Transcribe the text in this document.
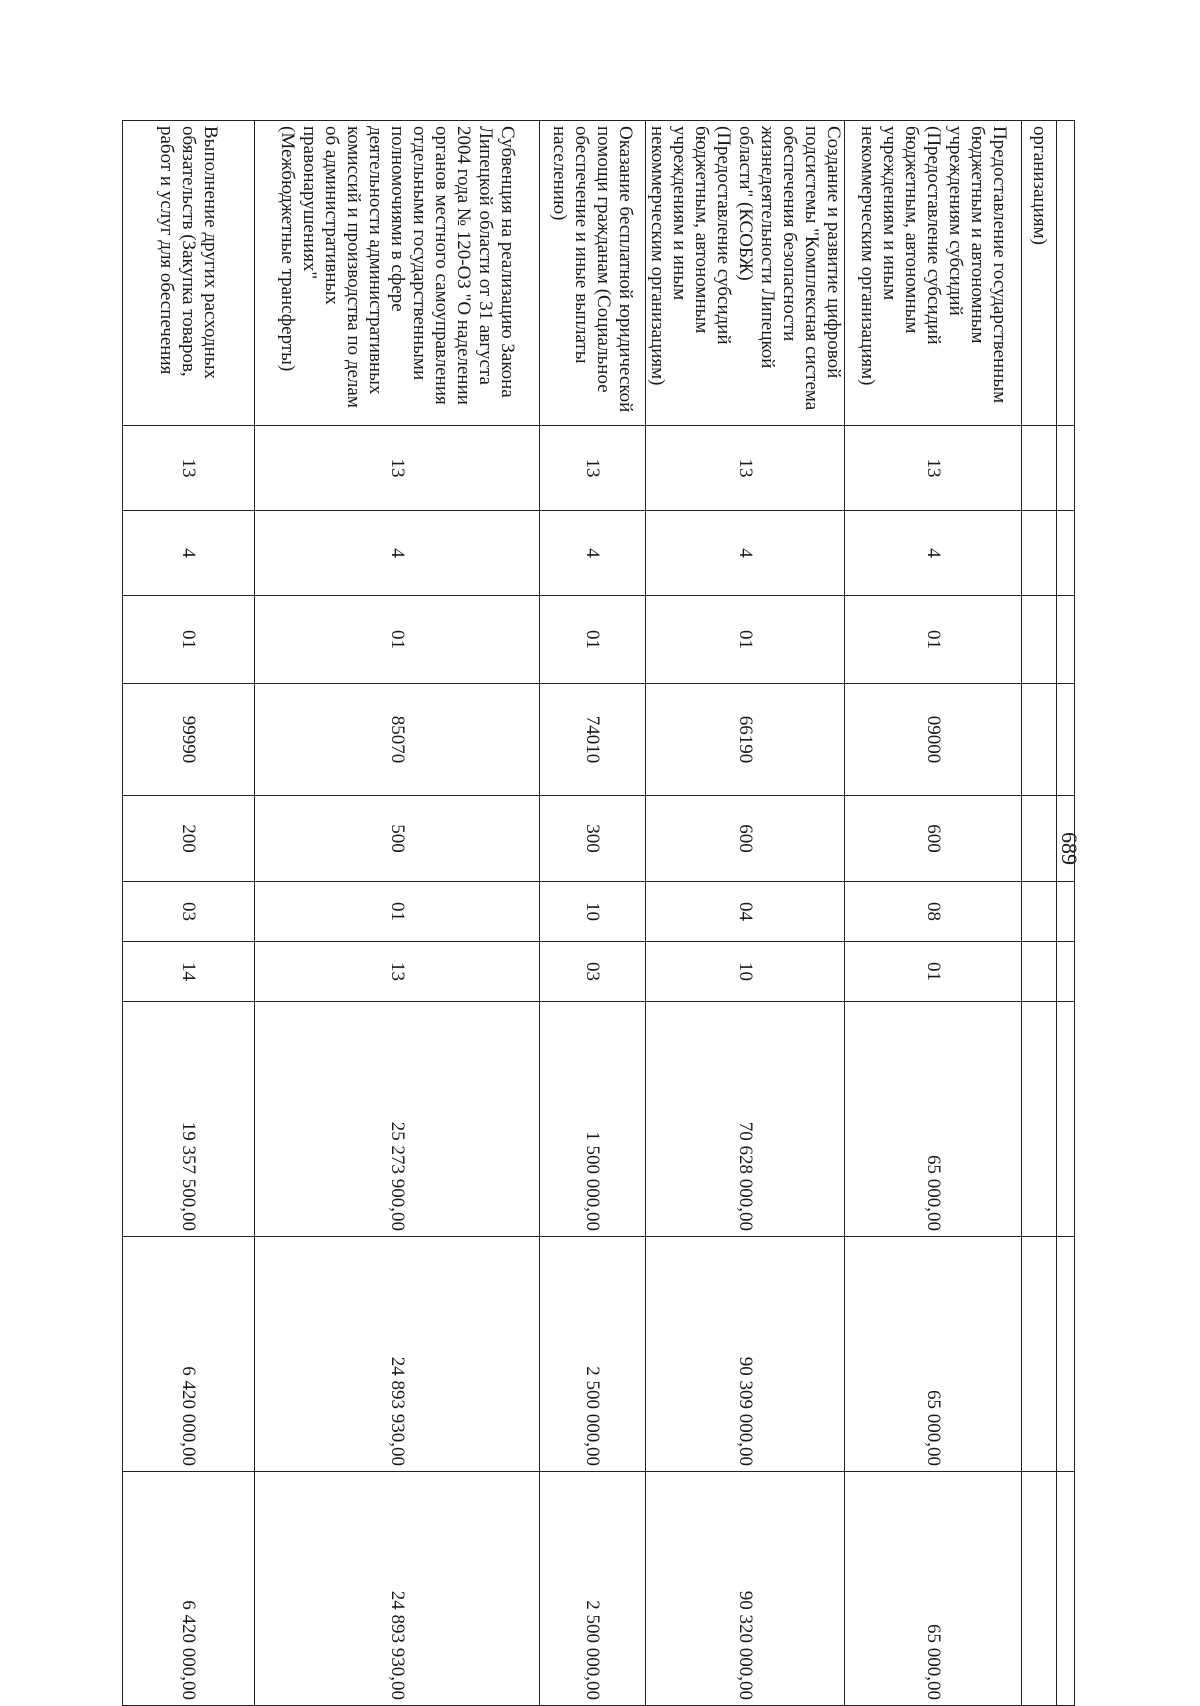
689

организациям)										
Предоставление государственным бюджетным и автономным учреждениям субсидий (Предоставление субсидий бюджетным, автономным учреждениям и иным некоммерческим организациям)	13	4	01	09000	600	08	01	65 000,00	65 000,00	65 000,00
Создание и развитие цифровой подсистемы "Комплексная система обеспечения безопасности жизнедеятельности Липецкой области" (КСОБЖ) (Предоставление субсидий бюджетным, автономным учреждениям и иным некоммерческим организациям)	13	4	01	66190	600	04	10	70 628 000,00	90 309 000,00	90 320 000,00
Оказание бесплатной юридической помощи гражданам (Социальное обеспечение и иные выплаты населению)	13	4	01	74010	300	10	03	1 500 000,00	2 500 000,00	2 500 000,00
Субвенция на реализацию Закона Липецкой области от 31 августа 2004 года № 120-ОЗ "О наделении органов местного самоуправления отдельными государственными полномочиями в сфере деятельности административных комиссий и производства по делам об административных правонарушениях" (Межбюджетные трансферты)	13	4	01	85070	500	01	13	25 273 900,00	24 893 930,00	24 893 930,00
Выполнение других расходных обязательств (Закупка товаров, работ и услуг для обеспечения	13	4	01	99990	200	03	14	19 357 500,00	6 420 000,00	6 420 000,00
